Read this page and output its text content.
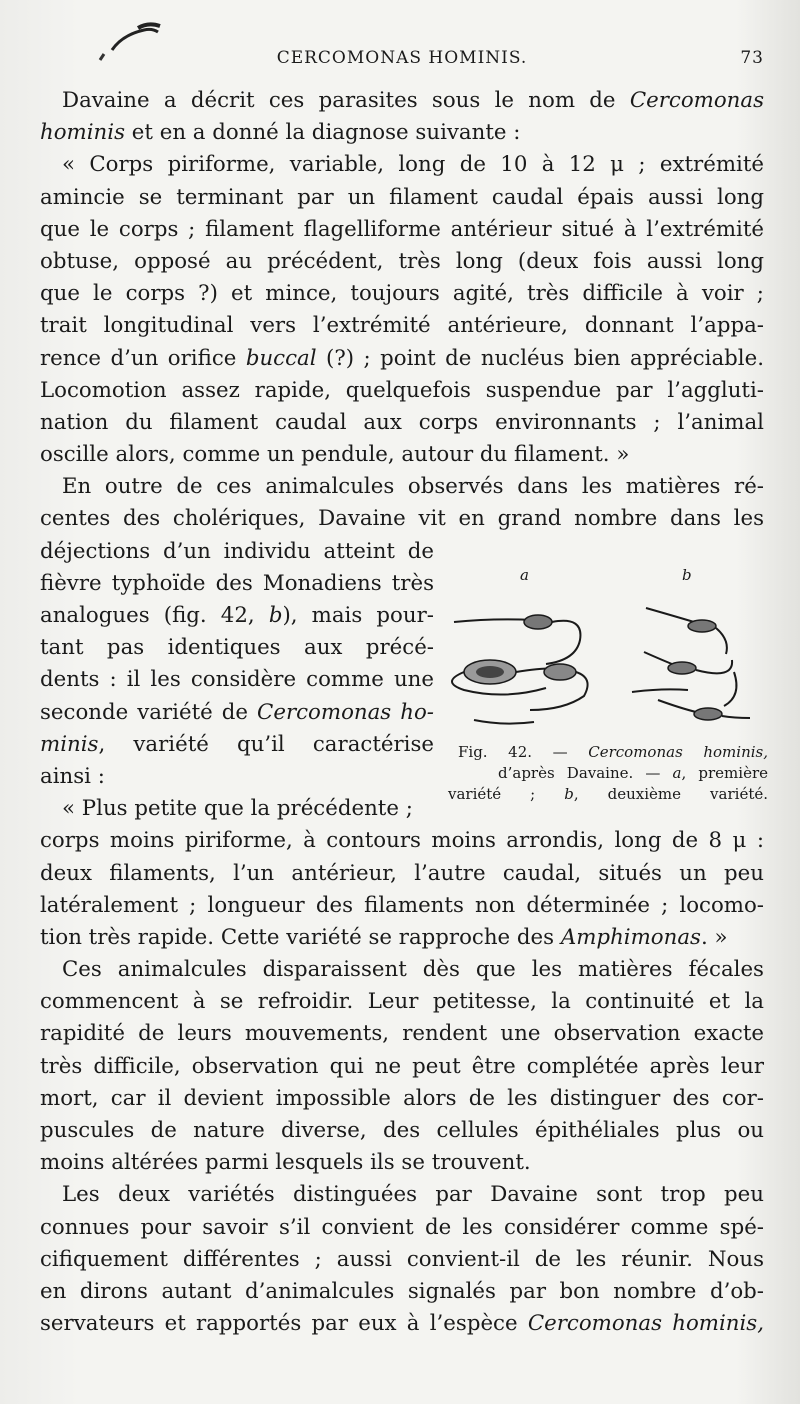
CERCOMONAS HOMINIS.	73
Davaine a décrit ces parasites sous le nom de Cercomonas
hominis et en a donné la diagnose suivante :
« Corps piriforme, variable, long de 10 à 12 μ ; extrémité
amincie se terminant par un filament caudal épais aussi long
que le corps ; filament flagelliforme antérieur situé à l’extrémité
obtuse, opposé au précédent, très long (deux fois aussi long
que le corps ?) et mince, toujours agité, très difficile à voir ;
trait longitudinal vers l’extrémité antérieure, donnant l’appa-
rence d’un orifice buccal (?) ; point de nucléus bien appréciable.
Locomotion assez rapide, quelquefois suspendue par l’aggluti-
nation du filament caudal aux corps environnants ; l’animal
oscille alors, comme un pendule, autour du filament. »
En outre de ces animalcules observés dans les matières ré-
centes des cholériques, Davaine vit en grand nombre dans les
déjections d’un individu atteint de
fièvre typhoïde des Monadiens très
analogues (fig. 42, b), mais pour-
tant pas identiques aux précé-
dents : il les considère comme une
seconde variété de Cercomonas ho-
minis, variété qu’il caractérise
ainsi :
« Plus petite que la précédente ;
corps moins piriforme, à contours moins arrondis, long de 8 μ :
deux filaments, l’un antérieur, l’autre caudal, situés un peu
latéralement ; longueur des filaments non déterminée ; locomo-
tion très rapide. Cette variété se rapproche des Amphimonas. »
Ces animalcules disparaissent dès que les matières fécales
commencent à se refroidir. Leur petitesse, la continuité et la
rapidité de leurs mouvements, rendent une observation exacte
très difficile, observation qui ne peut être complétée après leur
mort, car il devient impossible alors de les distinguer des cor-
puscules de nature diverse, des cellules épithéliales plus ou
moins altérées parmi lesquels ils se trouvent.
Les deux variétés distinguées par Davaine sont trop peu
connues pour savoir s’il convient de les considérer comme spé-
cifiquement différentes ; aussi convient-il de les réunir. Nous
en dirons autant d’animalcules signalés par bon nombre d’ob-
servateurs et rapportés par eux à l’espèce Cercomonas hominis,
a	b
Fig. 42. — Cercomonas hominis,
d’après Davaine. — a, première
variété ; b, deuxième variété.
